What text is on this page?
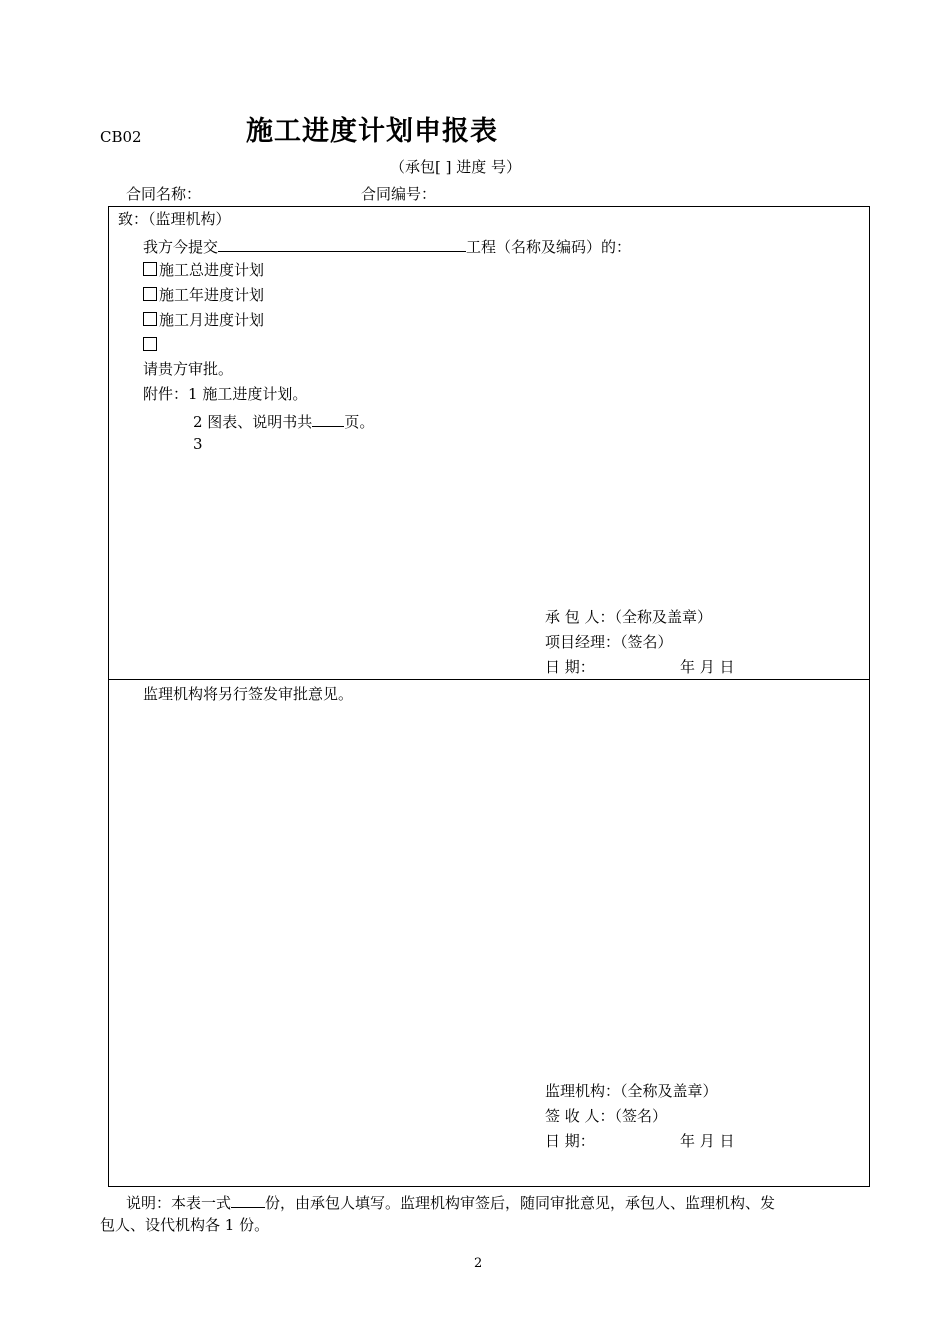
CB02	施工进度计划申报表
（承包[ ] 进度 号）
合同名称：	合同编号：
致：（监理机构）
我方今提交	工程（名称及编码）的：
施工总进度计划
施工年进度计划
施工月进度计划
请贵方审批。
附件：1 施工进度计划。
2 图表、说明书共 页。
3
承 包 人：（全称及盖章）
项目经理：（签名）
日 期：	年 月 日
监理机构将另行签发审批意见。
监理机构：（全称及盖章）
签 收 人：（签名）
日 期：	年 月 日
说明：本表一式 份，由承包人填写。监理机构审签后，随同审批意见，承包人、监理机构、发
包人、设代机构各 1 份。
2
